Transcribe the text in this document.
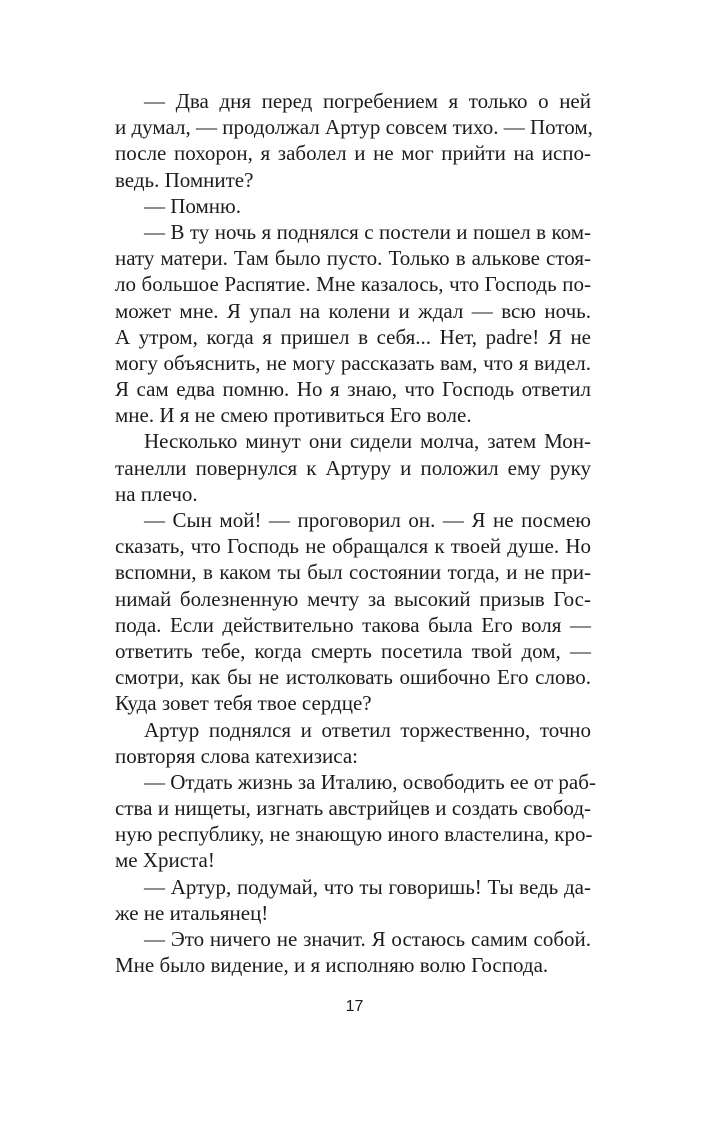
— Два дня перед погребением я только о ней
и думал, — продолжал Артур совсем тихо. — Потом,
после похорон, я заболел и не мог прийти на испо-
ведь. Помните?
— Помню.
— В ту ночь я поднялся с постели и пошел в ком-
нату матери. Там было пусто. Только в алькове стоя-
ло большое Распятие. Мне казалось, что Господь по-
может мне. Я упал на колени и ждал — всю ночь.
А утром, когда я пришел в себя... Нет, padre! Я не
могу объяснить, не могу рассказать вам, что я видел.
Я сам едва помню. Но я знаю, что Господь ответил
мне. И я не смею противиться Его воле.
Несколько минут они сидели молча, затем Мон-
танелли повернулся к Артуру и положил ему руку
на плечо.
— Сын мой! — проговорил он. — Я не посмею
сказать, что Господь не обращался к твоей душе. Но
вспомни, в каком ты был состоянии тогда, и не при-
нимай болезненную мечту за высокий призыв Гос-
пода. Если действительно такова была Его воля —
ответить тебе, когда смерть посетила твой дом, —
смотри, как бы не истолковать ошибочно Его слово.
Куда зовет тебя твое сердце?
Артур поднялся и ответил торжественно, точно
повторяя слова катехизиса:
— Отдать жизнь за Италию, освободить ее от раб-
ства и нищеты, изгнать австрийцев и создать свобод-
ную республику, не знающую иного властелина, кро-
ме Христа!
— Артур, подумай, что ты говоришь! Ты ведь да-
же не итальянец!
— Это ничего не значит. Я остаюсь самим собой.
Мне было видение, и я исполняю волю Господа.
17
